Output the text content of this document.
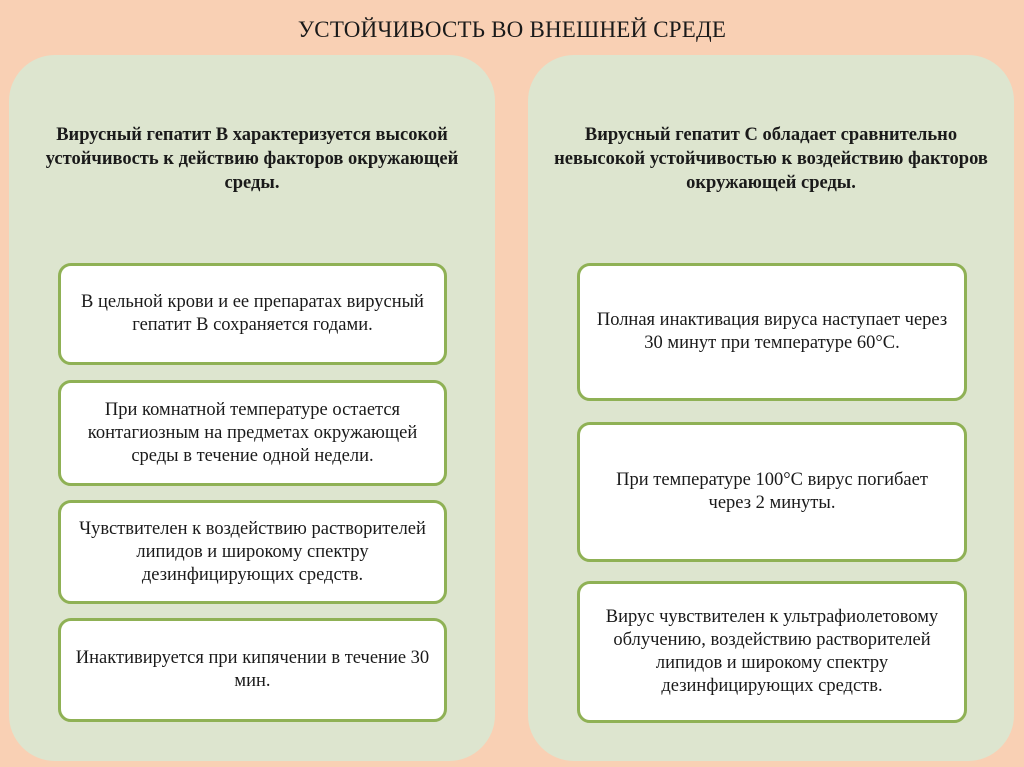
УСТОЙЧИВОСТЬ ВО ВНЕШНЕЙ СРЕДЕ
Вирусный гепатит В характеризуется высокой устойчивость к действию факторов окружающей среды.
В цельной крови и ее препаратах вирусный гепатит В сохраняется годами.
При комнатной температуре остается контагиозным на предметах окружающей среды в течение одной недели.
Чувствителен к воздействию растворителей липидов и широкому спектру дезинфицирующих средств.
Инактивируется при кипячении в течение 30 мин.
Вирусный гепатит С обладает сравнительно невысокой устойчивостью к воздействию факторов окружающей среды.
Полная инактивация вируса наступает через 30 минут при температуре 60°С.
При температуре 100°С вирус погибает через 2 минуты.
Вирус чувствителен к ультрафиолетовому облучению, воздействию растворителей липидов и широкому спектру дезинфицирующих средств.
